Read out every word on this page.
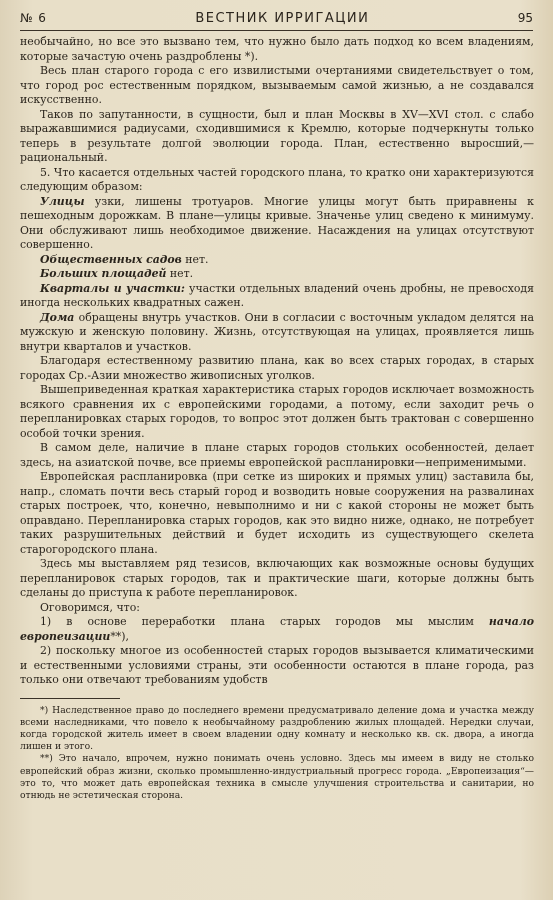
№ 6	ВЕСТНИК ИРРИГАЦИИ	95

необычайно, но все это вызвано тем, что нужно было дать подход ко всем владениям, которые зачастую очень раздроблены *).

Весь план старого города с его извилистыми очертаниями свидетельствует о том, что город рос естественным порядком, вызываемым самой жизнью, а не создавался искусственно.

Таков по запутанности, в сущности, был и план Москвы в XV—XVI стол. с слабо выражавшимися радиусами, сходившимися к Кремлю, которые подчеркнуты только теперь в результате долгой эволюции города. План, естественно выросший,—рациональный.

5. Что касается отдельных частей городского плана, то кратко они характеризуются следующим образом:

Улицы узки, лишены тротуаров. Многие улицы могут быть приравнены к пешеходным дорожкам. В плане—улицы кривые. Значенье улиц сведено к минимуму. Они обслуживают лишь необходимое движение. Насаждения на улицах отсутствуют совершенно.

Общественных садов нет.

Больших площадей нет.

Кварталы и участки: участки отдельных владений очень дробны, не превосходя иногда нескольких квадратных сажен.

Дома обращены внутрь участков. Они в согласии с восточным укладом делятся на мужскую и женскую половину. Жизнь, отсутствующая на улицах, проявляется лишь внутри кварталов и участков.

Благодаря естественному развитию плана, как во всех старых городах, в старых городах Ср.-Азии множество живописных уголков.

Вышеприведенная краткая характеристика старых городов исключает возможность всякого сравнения их с европейскими городами, а потому, если заходит речь о перепланировках старых городов, то вопрос этот должен быть трактован с совершенно особой точки зрения.

В самом деле, наличие в плане старых городов стольких особенностей, делает здесь, на азиатской почве, все приемы европейской распланировки—неприменимыми.

Европейская распланировка (при сетке из широких и прямых улиц) заставила бы, напр., сломать почти весь старый город и возводить новые сооружения на развалинах старых построек, что, конечно, невыполнимо и ни с какой стороны не может быть оправдано. Перепланировка старых городов, как это видно ниже, однако, не потребует таких разрушительных действий и будет исходить из существующего скелета старогородского плана.

Здесь мы выставляем ряд тезисов, включающих как возможные основы будущих перепланировок старых городов, так и практические шаги, которые должны быть сделаны до приступа к работе перепланировок.

Оговоримся, что:

1) в основе переработки плана старых городов мы мыслим начало европеизации**),

2) поскольку многое из особенностей старых городов вызывается климатическими и естественными условиями страны, эти особенности остаются в плане города, раз только они отвечают требованиям удобств

*) Наследственное право до последнего времени предусматривало деление дома и участка между всеми наследниками, что повело к необычайному раздроблению жилых площадей. Нередки случаи, когда городской житель имеет в своем владении одну комнату и несколько кв. ск. двора, а иногда лишен и этого.

**) Это начало, впрочем, нужно понимать очень условно. Здесь мы имеем в виду не столько европейский образ жизни, сколько промышленно-индустриальный прогресс города. „Европеизация“—это то, что может дать европейская техника в смысле улучшения строительства и санитарии, но отнюдь не эстетическая сторона.
